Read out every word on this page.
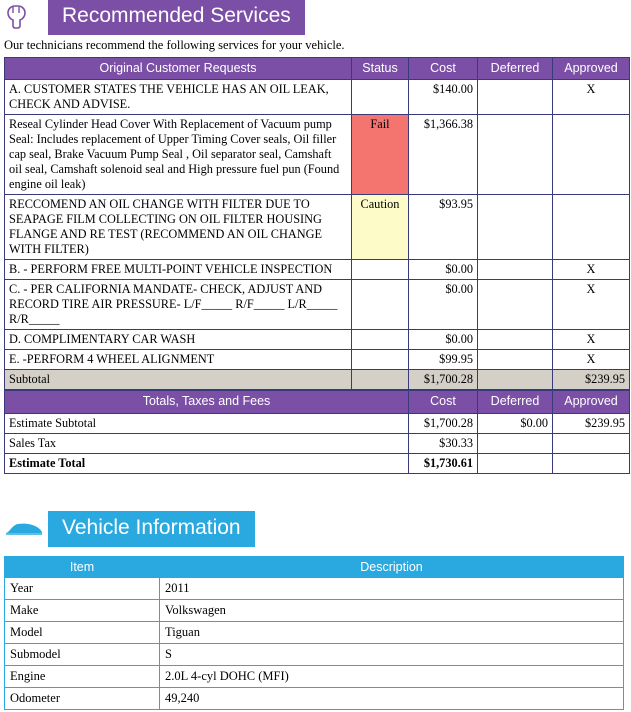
Recommended Services
Our technicians recommend the following services for your vehicle.
Original Customer Requests	Status	Cost	Deferred	Approved
A. CUSTOMER STATES THE VEHICLE HAS AN OIL LEAK, CHECK AND ADVISE.		$140.00		X
Reseal Cylinder Head Cover With Replacement of Vacuum pump Seal: Includes replacement of Upper Timing Cover seals, Oil filler cap seal, Brake Vacuum Pump Seal , Oil separator seal, Camshaft oil seal, Camshaft solenoid seal and High pressure fuel pun (Found engine oil leak)	Fail	$1,366.38		
RECCOMEND AN OIL CHANGE WITH FILTER DUE TO SEAPAGE FILM COLLECTING ON OIL FILTER HOUSING FLANGE AND RE TEST (RECOMMEND AN OIL CHANGE WITH FILTER)	Caution	$93.95		
B. - PERFORM FREE MULTI-POINT VEHICLE INSPECTION		$0.00		X
C. - PER CALIFORNIA MANDATE- CHECK, ADJUST AND RECORD TIRE AIR PRESSURE- L/F_____ R/F_____ L/R_____ R/R_____		$0.00		X
D. COMPLIMENTARY CAR WASH		$0.00		X
E. -PERFORM 4 WHEEL ALIGNMENT		$99.95		X
Subtotal		$1,700.28		$239.95
Totals, Taxes and Fees	Cost	Deferred	Approved
Estimate Subtotal	$1,700.28	$0.00	$239.95
Sales Tax	$30.33		
Estimate Total	$1,730.61		
Vehicle Information
Item	Description
Year	2011
Make	Volkswagen
Model	Tiguan
Submodel	S
Engine	2.0L 4-cyl DOHC (MFI)
Odometer	49,240
